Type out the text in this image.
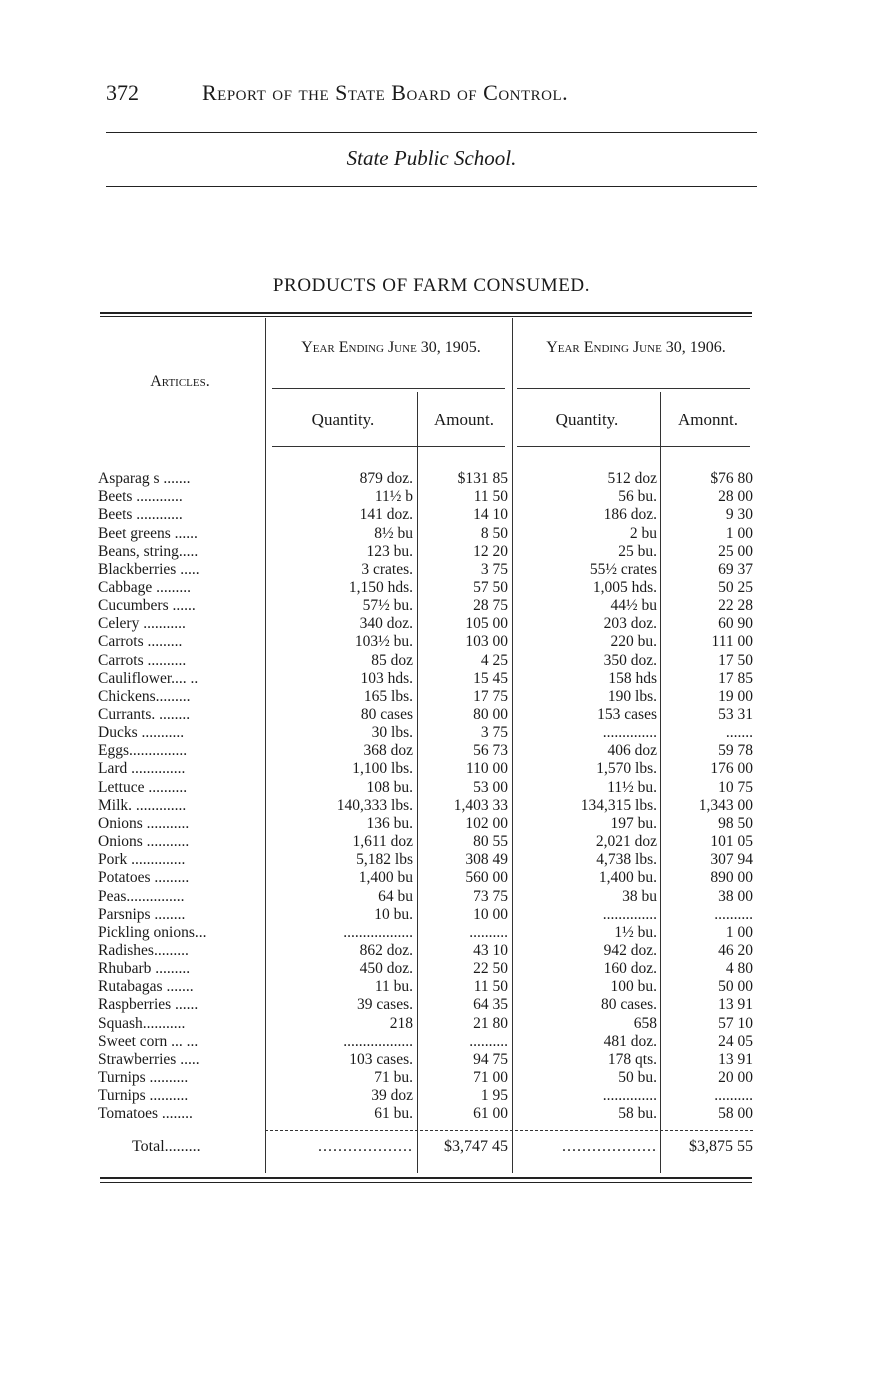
372	Report of the State Board of Control.
State Public School.
PRODUCTS OF FARM CONSUMED.
Articles.
Year Ending June 30, 1905.	Year Ending June 30, 1906.
Quantity.	Amount.	Quantity.	Amonnt.
Asparag s .......	879 doz.	$131 85	512 doz	$76 80
Beets ............	11½ b	11 50	56 bu.	28 00
Beets ............	141 doz.	14 10	186 doz.	9 30
Beet greens ......	8½ bu	8 50	2 bu	1 00
Beans, string.....	123 bu.	12 20	25 bu.	25 00
Blackberries .....	3 crates.	3 75	55½ crates	69 37
Cabbage .........	1,150 hds.	57 50	1,005 hds.	50 25
Cucumbers ......	57½ bu.	28 75	44½ bu	22 28
Celery ...........	340 doz.	105 00	203 doz.	60 90
Carrots .........	103½ bu.	103 00	220 bu.	111 00
Carrots ..........	85 doz	4 25	350 doz.	17 50
Cauliflower.... ..	103 hds.	15 45	158 hds	17 85
Chickens.........	165 lbs.	17 75	190 lbs.	19 00
Currants. ........	80 cases	80 00	153 cases	53 31
Ducks ...........	30 lbs.	3 75	..............	.......
Eggs...............	368 doz	56 73	406 doz	59 78
Lard ..............	1,100 lbs.	110 00	1,570 lbs.	176 00
Lettuce ..........	108 bu.	53 00	11½ bu.	10 75
Milk. .............	140,333 lbs.	1,403 33	134,315 lbs.	1,343 00
Onions ...........	136 bu.	102 00	197 bu.	98 50
Onions ...........	1,611 doz	80 55	2,021 doz	101 05
Pork ..............	5,182 lbs	308 49	4,738 lbs.	307 94
Potatoes .........	1,400 bu	560 00	1,400 bu.	890 00
Peas...............	64 bu	73 75	38 bu	38 00
Parsnips ........	10 bu.	10 00	..............	..........
Pickling onions...	..................	..........	1½ bu.	1 00
Radishes.........	862 doz.	43 10	942 doz.	46 20
Rhubarb .........	450 doz.	22 50	160 doz.	4 80
Rutabagas .......	11 bu.	11 50	100 bu.	50 00
Raspberries ......	39 cases.	64 35	80 cases.	13 91
Squash...........	218	21 80	658	57 10
Sweet corn ... ...	..................	..........	481 doz.	24 05
Strawberries .....	103 cases.	94 75	178 qts.	13 91
Turnips ..........	71 bu.	71 00	50 bu.	20 00
Turnips ..........	39 doz	1 95	..............	..........
Tomatoes ........	61 bu.	61 00	58 bu.	58 00
Total.........	...................	$3,747 45	...................	$3,875 55
